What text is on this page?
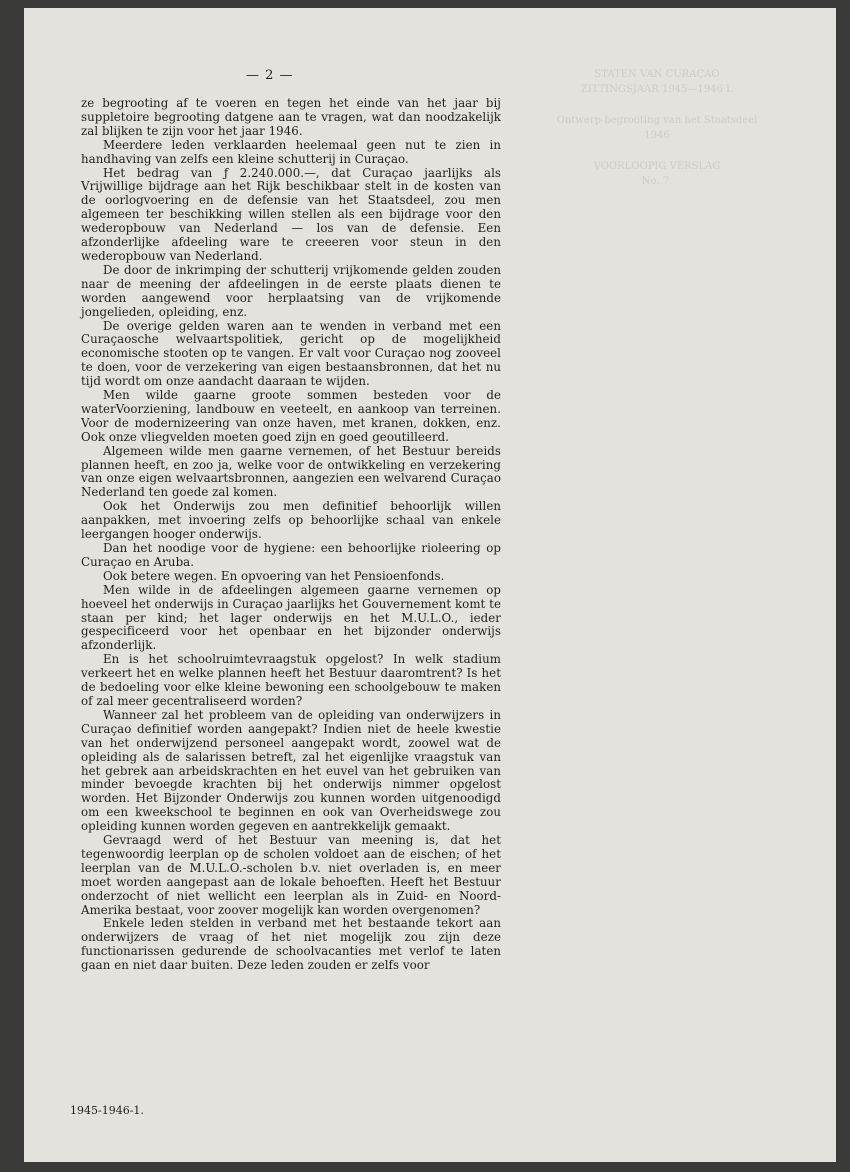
STATEN VAN CURAÇAO
ZITTINGSJAAR 1945—1946 I.
Ontwerp-begrooting van het Staatsdeel
1946
VOORLOOPIG VERSLAG
No. 7.
— 2 —

ze begrooting af te voeren en tegen het einde van het jaar bij suppletoire begrooting datgene aan te vragen, wat dan noodzakelijk zal blijken te zijn voor het jaar 1946.

Meerdere leden verklaarden heelemaal geen nut te zien in handhaving van zelfs een kleine schutterij in Curaçao.

Het bedrag van ƒ 2.240.000.—, dat Curaçao jaarlijks als Vrijwillige bijdrage aan het Rijk beschikbaar stelt in de kosten van de oorlogvoering en de defensie van het Staatsdeel, zou men algemeen ter beschikking willen stellen als een bijdrage voor den wederopbouw van Nederland — los van de defensie. Een afzonderlijke afdeeling ware te creeeren voor steun in den wederopbouw van Nederland.

De door de inkrimping der schutterij vrijkomende gelden zouden naar de meening der afdeelingen in de eerste plaats dienen te worden aangewend voor herplaatsing van de vrijkomende jongelieden, opleiding, enz.

De overige gelden waren aan te wenden in verband met een Curaçaosche welvaartspolitiek, gericht op de mogelijkheid economische stooten op te vangen. Er valt voor Curaçao nog zooveel te doen, voor de verzekering van eigen bestaansbronnen, dat het nu tijd wordt om onze aandacht daaraan te wijden.

Men wilde gaarne groote sommen besteden voor de waterVoorziening, landbouw en veeteelt, en aankoop van terreinen. Voor de modernizeering van onze haven, met kranen, dokken, enz. Ook onze vliegvelden moeten goed zijn en goed geoutilleerd.

Algemeen wilde men gaarne vernemen, of het Bestuur bereids plannen heeft, en zoo ja, welke voor de ontwikkeling en verzekering van onze eigen welvaartsbronnen, aangezien een welvarend Curaçao Nederland ten goede zal komen.

Ook het Onderwijs zou men definitief behoorlijk willen aanpakken, met invoering zelfs op behoorlijke schaal van enkele leergangen hooger onderwijs.

Dan het noodige voor de hygiene: een behoorlijke rioleering op Curaçao en Aruba.

Ook betere wegen. En opvoering van het Pensioenfonds.

Men wilde in de afdeelingen algemeen gaarne vernemen op hoeveel het onderwijs in Curaçao jaarlijks het Gouvernement komt te staan per kind; het lager onderwijs en het M.U.L.O., ieder gespecificeerd voor het openbaar en het bijzonder onderwijs afzonderlijk.

En is het schoolruimtevraagstuk opgelost? In welk stadium verkeert het en welke plannen heeft het Bestuur daaromtrent? Is het de bedoeling voor elke kleine bewoning een schoolgebouw te maken of zal meer gecentraliseerd worden?

Wanneer zal het probleem van de opleiding van onderwijzers in Curaçao definitief worden aangepakt? Indien niet de heele kwestie van het onderwijzend personeel aangepakt wordt, zoowel wat de opleiding als de salarissen betreft, zal het eigenlijke vraagstuk van het gebrek aan arbeidskrachten en het euvel van het gebruiken van minder bevoegde krachten bij het onderwijs nimmer opgelost worden. Het Bijzonder Onderwijs zou kunnen worden uitgenoodigd om een kweekschool te beginnen en ook van Overheidswege zou opleiding kunnen worden gegeven en aantrekkelijk gemaakt.

Gevraagd werd of het Bestuur van meening is, dat het tegenwoordig leerplan op de scholen voldoet aan de eischen; of het leerplan van de M.U.L.O.-scholen b.v. niet overladen is, en meer moet worden aangepast aan de lokale behoeften. Heeft het Bestuur onderzocht of niet wellicht een leerplan als in Zuid- en Noord-Amerika bestaat, voor zoover mogelijk kan worden overgenomen?

Enkele leden stelden in verband met het bestaande tekort aan onderwijzers de vraag of het niet mogelijk zou zijn deze functionarissen gedurende de schoolvacanties met verlof te laten gaan en niet daar buiten. Deze leden zouden er zelfs voor

1945-1946-1.
